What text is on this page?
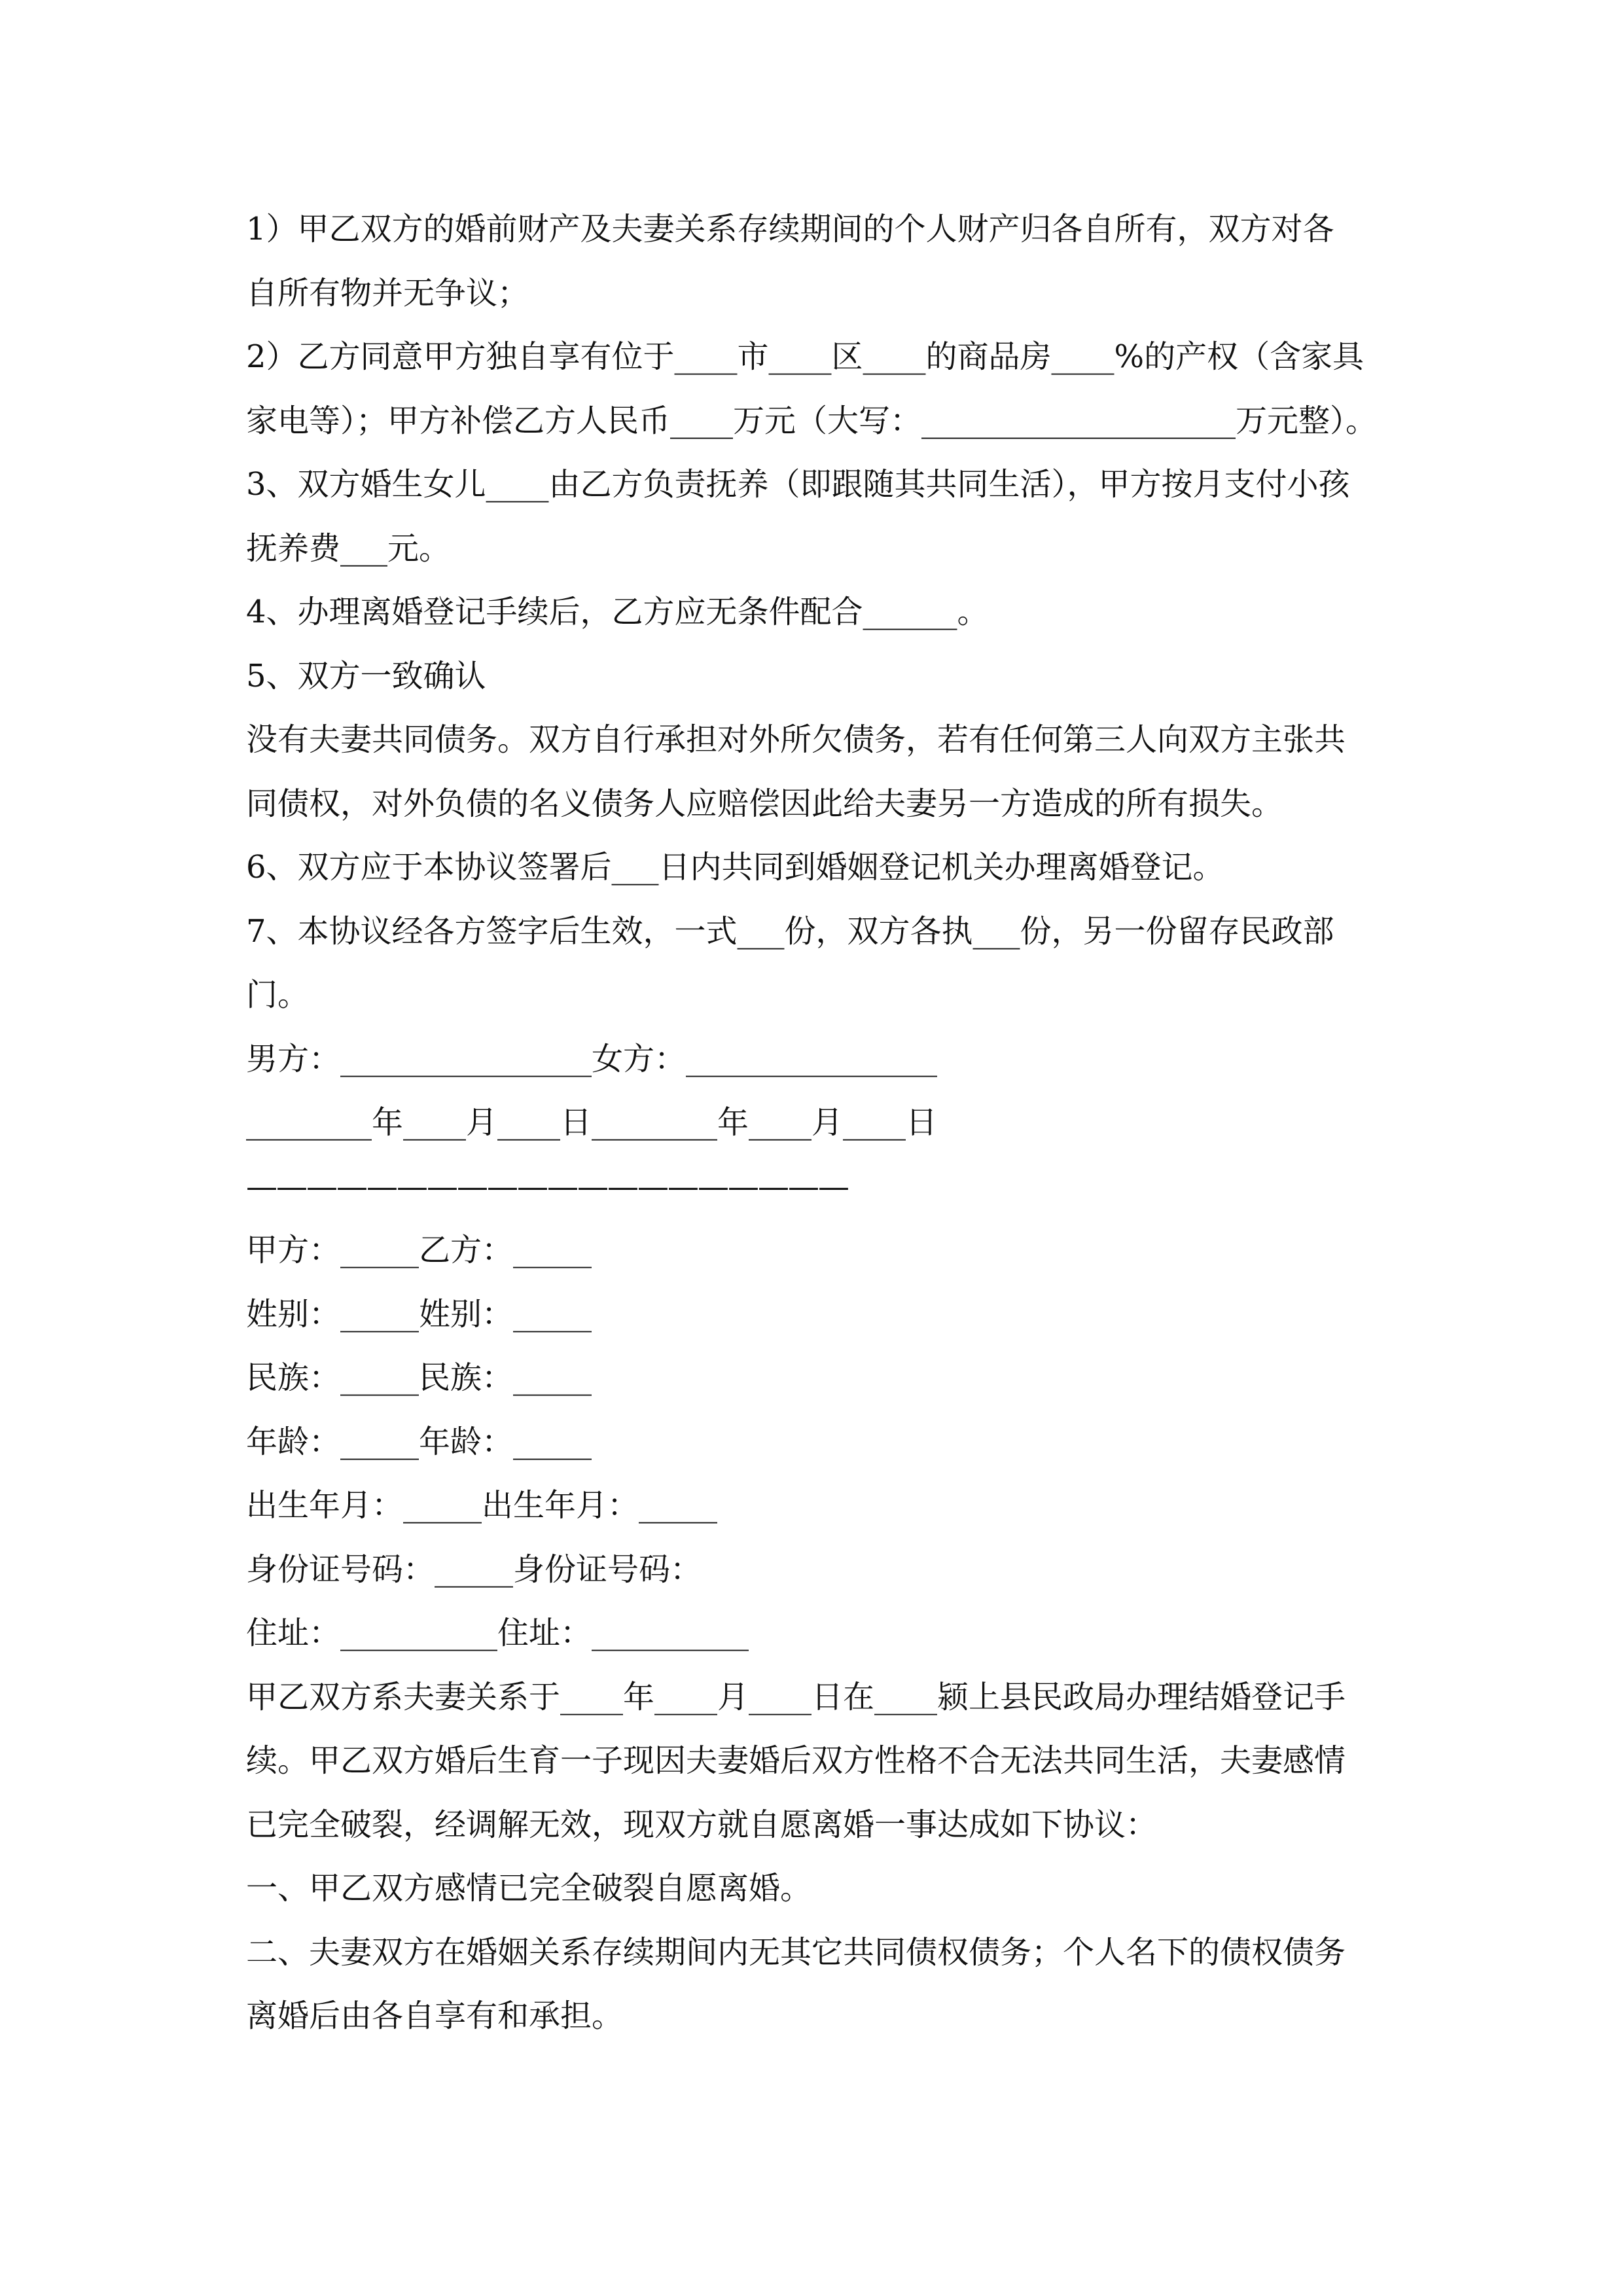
1）甲乙双方的婚前财产及夫妻关系存续期间的个人财产归各自所有，双方对各
自所有物并无争议；
2）乙方同意甲方独自享有位于____市____区____的商品房____%的产权（含家具
家电等）；甲方补偿乙方人民币____万元（大写：____________________万元整）。
3、双方婚生女儿____由乙方负责抚养（即跟随其共同生活），甲方按月支付小孩
抚养费___元。
4、办理离婚登记手续后，乙方应无条件配合______。
5、双方一致确认
没有夫妻共同债务。双方自行承担对外所欠债务，若有任何第三人向双方主张共
同债权，对外负债的名义债务人应赔偿因此给夫妻另一方造成的所有损失。
6、双方应于本协议签署后___日内共同到婚姻登记机关办理离婚登记。
7、本协议经各方签字后生效，一式___份，双方各执___份，另一份留存民政部
门。
男方：________________女方：________________
________年____月____日________年____月____日
————————————————————
甲方：_____乙方：_____
姓别：_____姓别：_____
民族：_____民族：_____
年龄：_____年龄：_____
出生年月：_____出生年月：_____
身份证号码：_____身份证号码：
住址：__________住址：__________
甲乙双方系夫妻关系于____年____月____日在____颍上县民政局办理结婚登记手
续。甲乙双方婚后生育一子现因夫妻婚后双方性格不合无法共同生活，夫妻感情
已完全破裂，经调解无效，现双方就自愿离婚一事达成如下协议：
一、甲乙双方感情已完全破裂自愿离婚。
二、夫妻双方在婚姻关系存续期间内无其它共同债权债务；个人名下的债权债务
离婚后由各自享有和承担。
